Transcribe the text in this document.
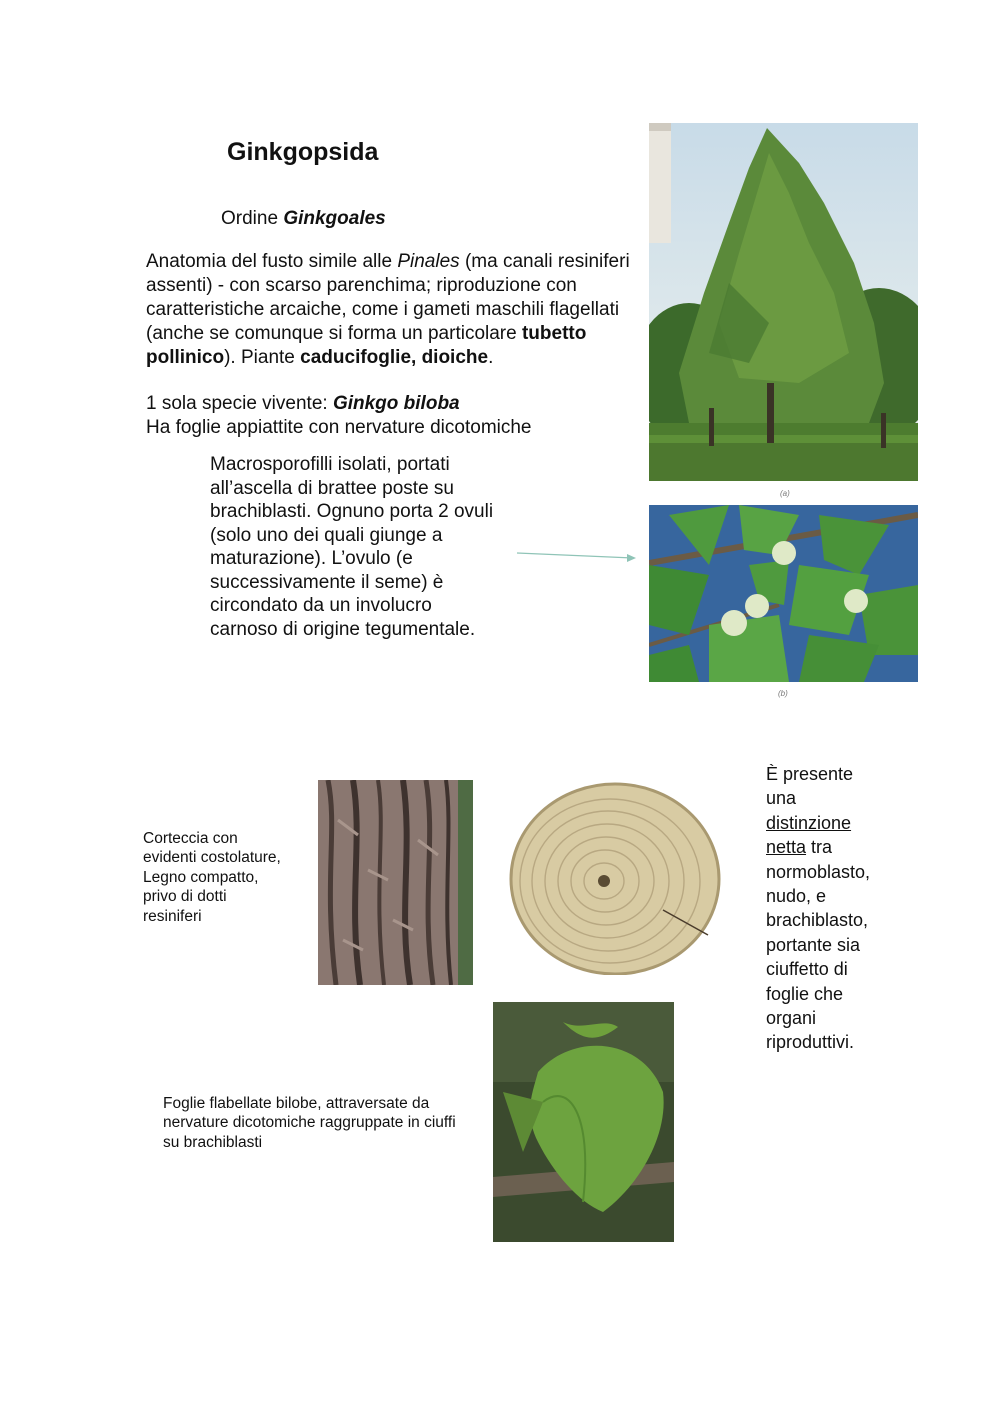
Ginkgopsida
Ordine Ginkgoales
Anatomia del fusto simile alle Pinales (ma canali resiniferi assenti) - con scarso parenchima; riproduzione con caratteristiche arcaiche, come i gameti maschili flagellati (anche se comunque si forma un particolare tubetto pollinico). Piante caducifoglie, dioiche.
1 sola specie vivente: Ginkgo biloba
Ha foglie appiattite con nervature dicotomiche
Macrosporofilli isolati, portati all’ascella di brattee poste su brachiblasti. Ognuno porta 2 ovuli (solo uno dei quali giunge a maturazione). L’ovulo (e successivamente il seme) è circondato da un involucro carnoso di origine tegumentale.
Corteccia con evidenti costolature, Legno compatto, privo di dotti resiniferi
Foglie flabellate bilobe, attraversate da nervature dicotomiche raggruppate in ciuffi su brachiblasti
È presente una distinzione netta tra normoblasto, nudo, e brachiblasto, portante sia ciuffetto di foglie che organi riproduttivi.
(a)
(b)
